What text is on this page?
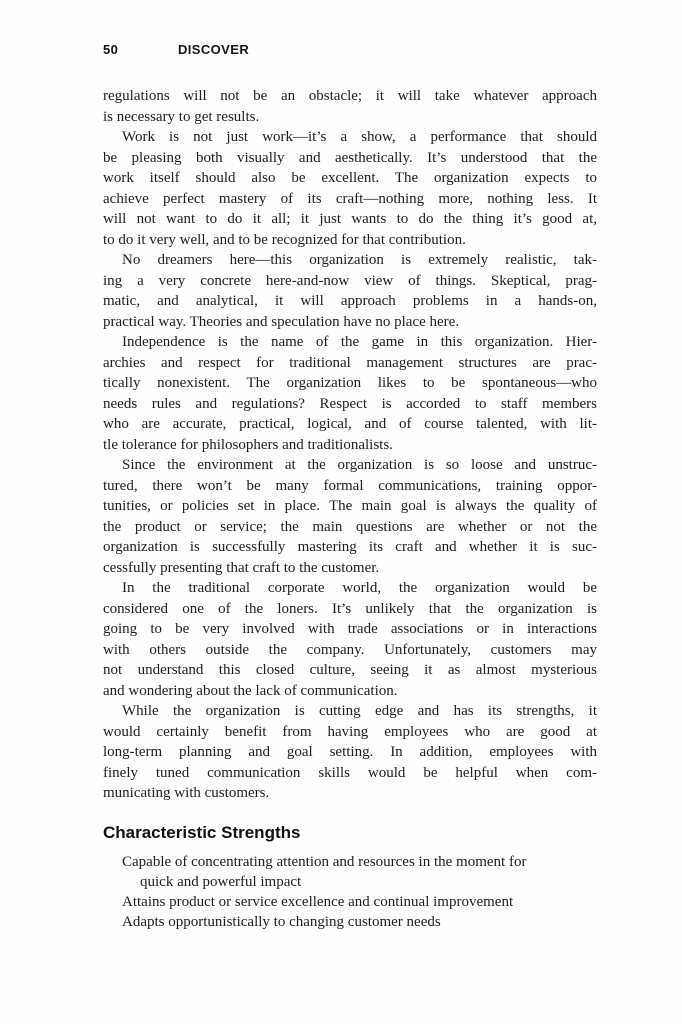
50	DISCOVER
regulations will not be an obstacle; it will take whatever approach
is necessary to get results.
Work is not just work—it’s a show, a performance that should
be pleasing both visually and aesthetically. It’s understood that the
work itself should also be excellent. The organization expects to
achieve perfect mastery of its craft—nothing more, nothing less. It
will not want to do it all; it just wants to do the thing it’s good at,
to do it very well, and to be recognized for that contribution.
No dreamers here—this organization is extremely realistic, tak-
ing a very concrete here-and-now view of things. Skeptical, prag-
matic, and analytical, it will approach problems in a hands-on,
practical way. Theories and speculation have no place here.
Independence is the name of the game in this organization. Hier-
archies and respect for traditional management structures are prac-
tically nonexistent. The organization likes to be spontaneous—who
needs rules and regulations? Respect is accorded to staff members
who are accurate, practical, logical, and of course talented, with lit-
tle tolerance for philosophers and traditionalists.
Since the environment at the organization is so loose and unstruc-
tured, there won’t be many formal communications, training oppor-
tunities, or policies set in place. The main goal is always the quality of
the product or service; the main questions are whether or not the
organization is successfully mastering its craft and whether it is suc-
cessfully presenting that craft to the customer.
In the traditional corporate world, the organization would be
considered one of the loners. It’s unlikely that the organization is
going to be very involved with trade associations or in interactions
with others outside the company. Unfortunately, customers may
not understand this closed culture, seeing it as almost mysterious
and wondering about the lack of communication.
While the organization is cutting edge and has its strengths, it
would certainly benefit from having employees who are good at
long-term planning and goal setting. In addition, employees with
finely tuned communication skills would be helpful when com-
municating with customers.
Characteristic Strengths
Capable of concentrating attention and resources in the moment for
quick and powerful impact
Attains product or service excellence and continual improvement
Adapts opportunistically to changing customer needs
